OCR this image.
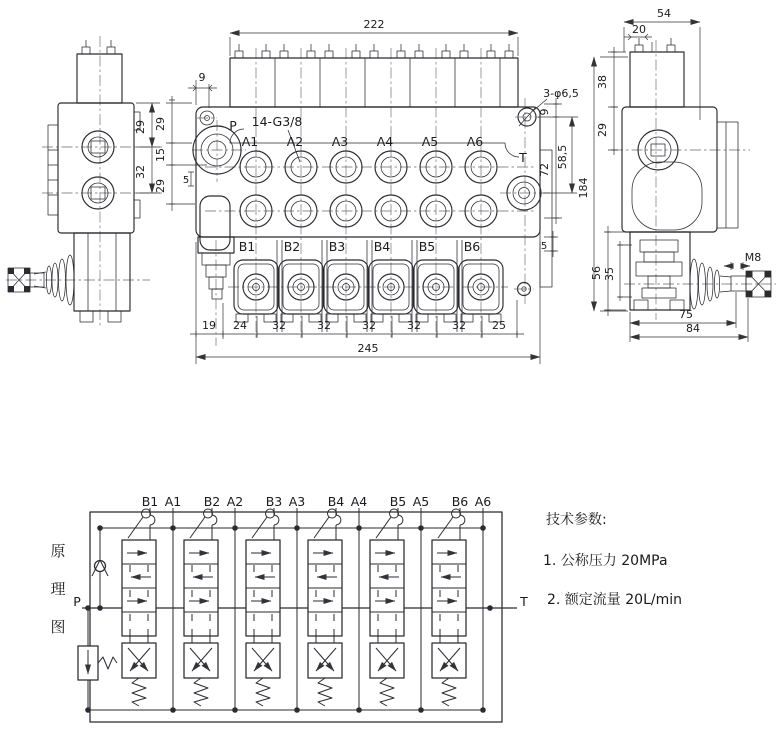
29
32
P
T
A1 A2 A3 A4 A5 A6
B1 B2 B3 B4 B5 B6
14-G3/8
3-φ6,5
222
9
29
15
29 5
9
72
58,5
5
184
19 24 32	32	32	32	32 25
245
54
20
38
29
56 35
M8
75
84
原
理
图
P	T
B1 A1 B2 A2 B3 A3 B4 A4 B5 A5 B6 A6
技术参数:
1. 公称压力 20MPa
2. 额定流量 20L/min
